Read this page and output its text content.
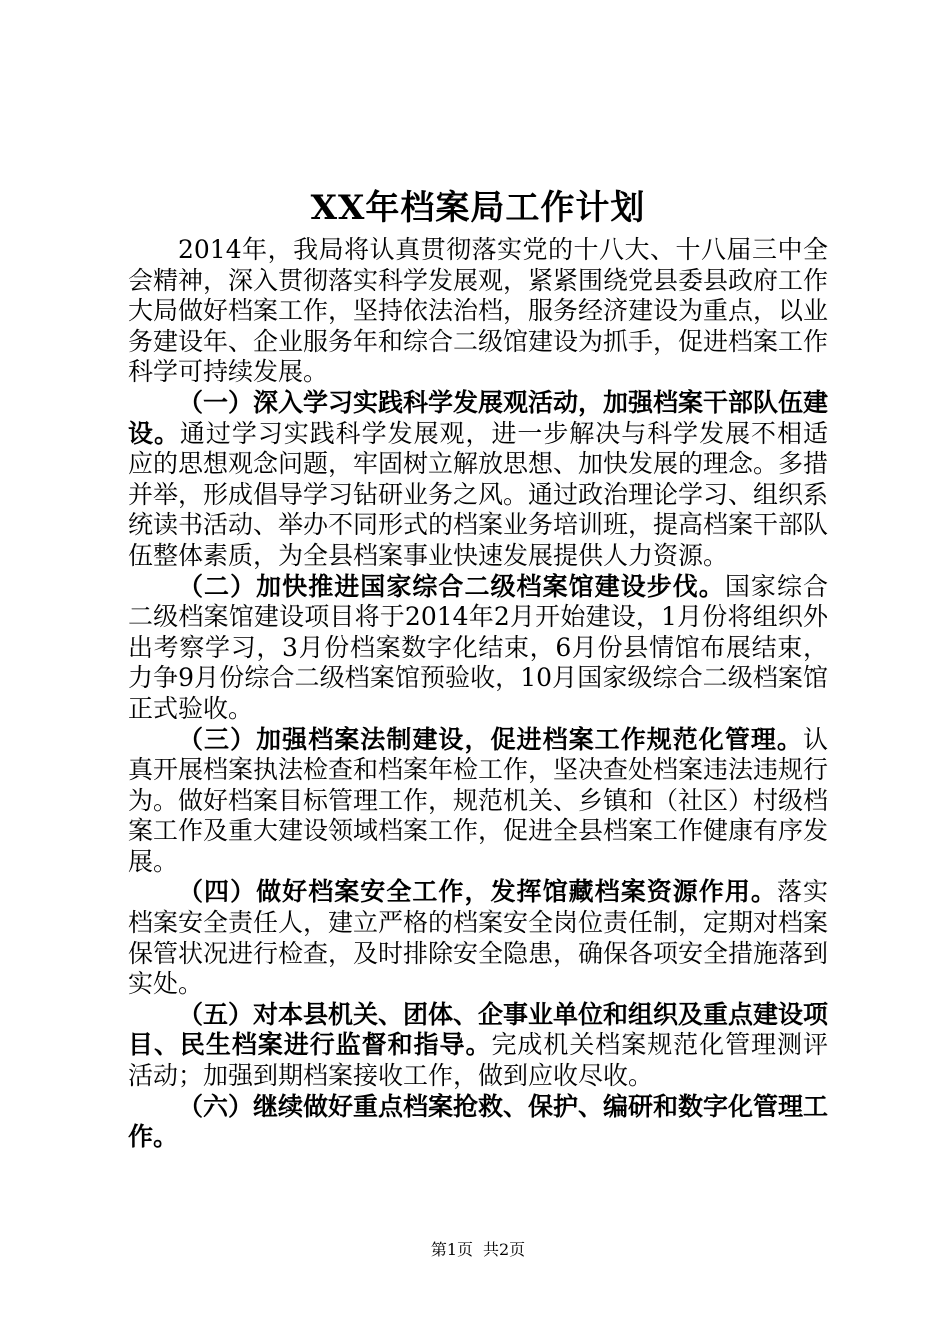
XX年档案局工作计划

2014年，我局将认真贯彻落实党的十八大、十八届三中全会精神，深入贯彻落实科学发展观，紧紧围绕党县委县政府工作大局做好档案工作，坚持依法治档，服务经济建设为重点，以业务建设年、企业服务年和综合二级馆建设为抓手，促进档案工作科学可持续发展。

（一）深入学习实践科学发展观活动，加强档案干部队伍建设。通过学习实践科学发展观，进一步解决与科学发展不相适应的思想观念问题，牢固树立解放思想、加快发展的理念。多措并举，形成倡导学习钻研业务之风。通过政治理论学习、组织系统读书活动、举办不同形式的档案业务培训班，提高档案干部队伍整体素质，为全县档案事业快速发展提供人力资源。

（二）加快推进国家综合二级档案馆建设步伐。国家综合二级档案馆建设项目将于2014年2月开始建设，1月份将组织外出考察学习，3月份档案数字化结束，6月份县情馆布展结束，力争9月份综合二级档案馆预验收，10月国家级综合二级档案馆正式验收。

（三）加强档案法制建设，促进档案工作规范化管理。认真开展档案执法检查和档案年检工作，坚决查处档案违法违规行为。做好档案目标管理工作，规范机关、乡镇和（社区）村级档案工作及重大建设领域档案工作，促进全县档案工作健康有序发展。

（四）做好档案安全工作，发挥馆藏档案资源作用。落实档案安全责任人，建立严格的档案安全岗位责任制，定期对档案保管状况进行检查，及时排除安全隐患，确保各项安全措施落到实处。

（五）对本县机关、团体、企事业单位和组织及重点建设项目、民生档案进行监督和指导。完成机关档案规范化管理测评活动；加强到期档案接收工作，做到应收尽收。

（六）继续做好重点档案抢救、保护、编研和数字化管理工作。

第1页 共2页
